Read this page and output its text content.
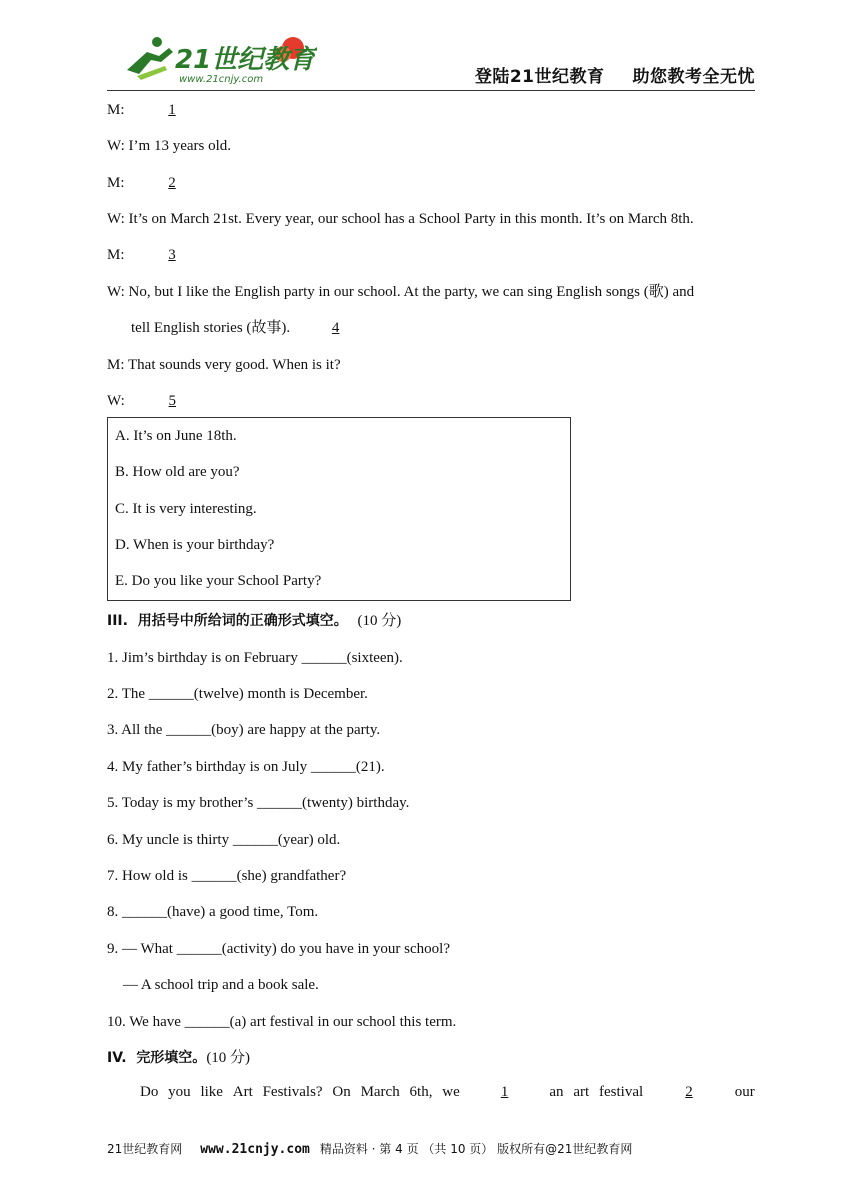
21世纪教育
www.21cnjy.com	登陆21世纪教育 助您教考全无忧
M:	1
W: I’m 13 years old.
M:	2
W: It’s on March 21st. Every year, our school has a School Party in this month. It’s on March 8th.
M:	3
W: No, but I like the English party in our school. At the party, we can sing English songs (歌) and
tell English stories (故事).	4
M: That sounds very good. When is it?
W:	5
A. It’s on June 18th.
B. How old are you?
C. It is very interesting.
D. When is your birthday?
E. Do you like your School Party?
III. 用括号中所给词的正确形式填空。 (10 分)
1. Jim’s birthday is on February ______(sixteen).
2. The ______(twelve) month is December.
3. All the ______(boy) are happy at the party.
4. My father’s birthday is on July ______(21).
5. Today is my brother’s ______(twenty) birthday.
6. My uncle is thirty ______(year) old.
7. How old is ______(she) grandfather?
8. ______(have) a good time, Tom.
9. — What ______(activity) do you have in your school?
— A school trip and a book sale.
10. We have ______(a) art festival in our school this term.
IV. 完形填空。(10 分)
Do you like Art Festivals? On March 6th, we	1	an art festival	2	our
21世纪教育网 www.21cnjy.com 精品资料 · 第 4 页 （共 10 页） 版权所有@21世纪教育网
